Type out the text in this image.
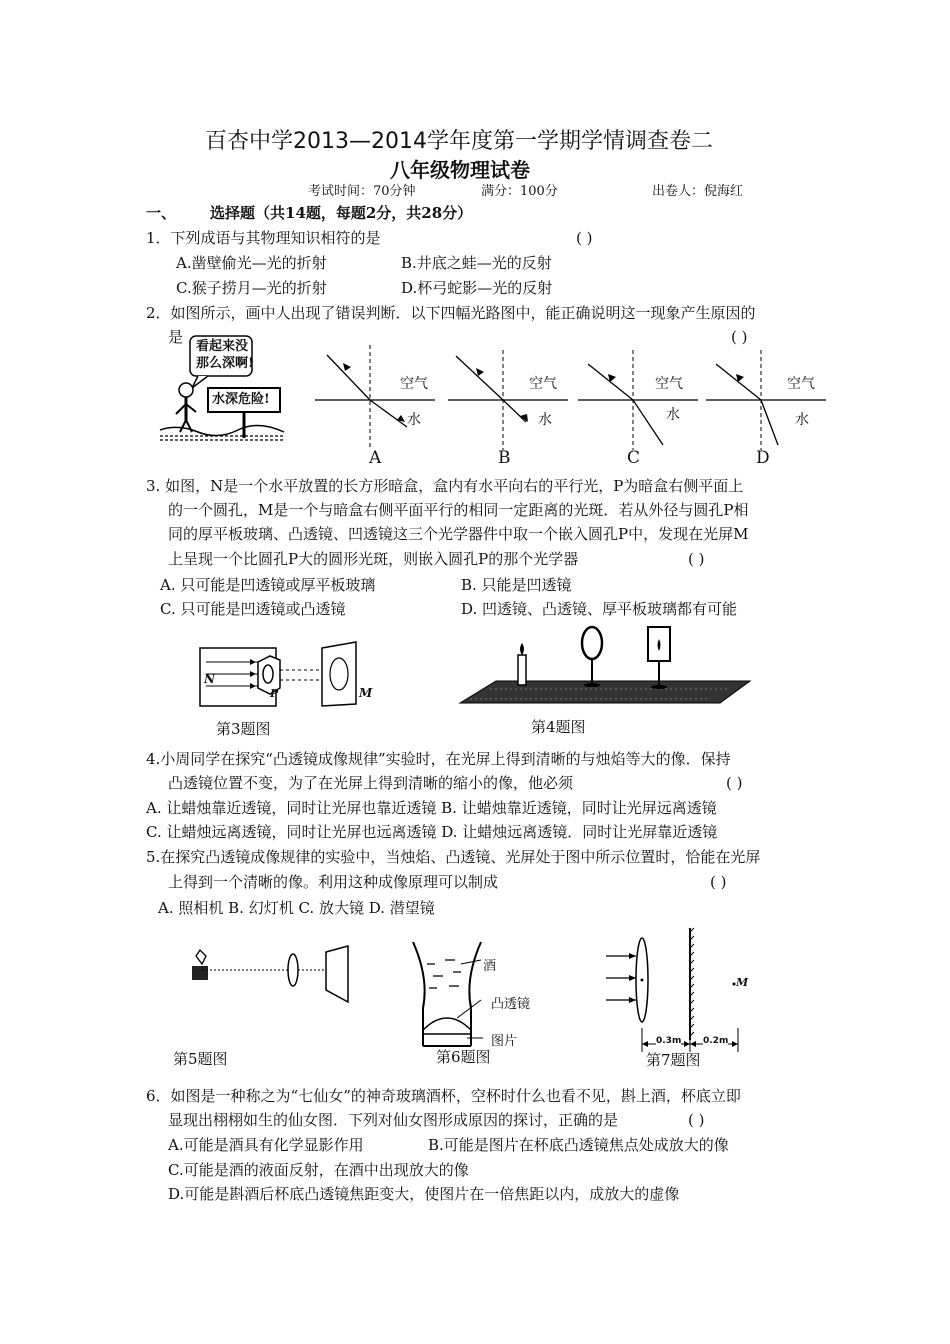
百杏中学2013—2014学年度第一学期学情调查卷二
八年级物理试卷
考试时间：70分钟	满分：100分	出卷人：倪海红
一、 选择题（共14题，每题2分，共28分）
1．下列成语与其物理知识相符的是	( )
A.凿壁偷光—光的折射	B.井底之蛙—光的反射
C.猴子捞月—光的折射	D.杯弓蛇影—光的反射
2．如图所示，画中人出现了错误判断．以下四幅光路图中，能正确说明这一现象产生原因的
是	( )
看起来没
那么深啊!
水深危险!
空气
水
空气
水
空气
水
空气
水
A	B	C	D
3. 如图，N是一个水平放置的长方形暗盒，盒内有水平向右的平行光，P为暗盒右侧平面上
的一个圆孔，M是一个与暗盒右侧平面平行的相同一定距离的光斑．若从外径与圆孔P相
同的厚平板玻璃、凸透镜、凹透镜这三个光学器件中取一个嵌入圆孔P中，发现在光屏M
上呈现一个比圆孔P大的圆形光斑，则嵌入圆孔P的那个光学器	( )
A. 只可能是凹透镜或厚平板玻璃	B. 只能是凹透镜
C. 只可能是凹透镜或凸透镜	D. 凹透镜、凸透镜、厚平板玻璃都有可能
N
P	M
第3题图	第4题图
4.小周同学在探究“凸透镜成像规律”实验时，在光屏上得到清晰的与烛焰等大的像．保持
凸透镜位置不变，为了在光屏上得到清晰的缩小的像，他必须	( )
A. 让蜡烛靠近透镜，同时让光屏也靠近透镜 B. 让蜡烛靠近透镜，同时让光屏远离透镜
C. 让蜡烛远离透镜，同时让光屏也远离透镜 D. 让蜡烛远离透镜．同时让光屏靠近透镜
5.在探究凸透镜成像规律的实验中，当烛焰、凸透镜、光屏处于图中所示位置时，恰能在光屏
上得到一个清晰的像。利用这种成像原理可以制成	( )
A. 照相机 B. 幻灯机 C. 放大镜 D. 潜望镜
酒
凸透镜
图片
M
0.3m 0.2m
第5题图	第6题图	第7题图
6．如图是一种称之为“七仙女”的神奇玻璃酒杯，空杯时什么也看不见，斟上酒，杯底立即
显现出栩栩如生的仙女图．下列对仙女图形成原因的探讨，正确的是	( )
A.可能是酒具有化学显影作用	B.可能是图片在杯底凸透镜焦点处成放大的像
C.可能是酒的液面反射，在酒中出现放大的像
D.可能是斟酒后杯底凸透镜焦距变大，使图片在一倍焦距以内，成放大的虚像
